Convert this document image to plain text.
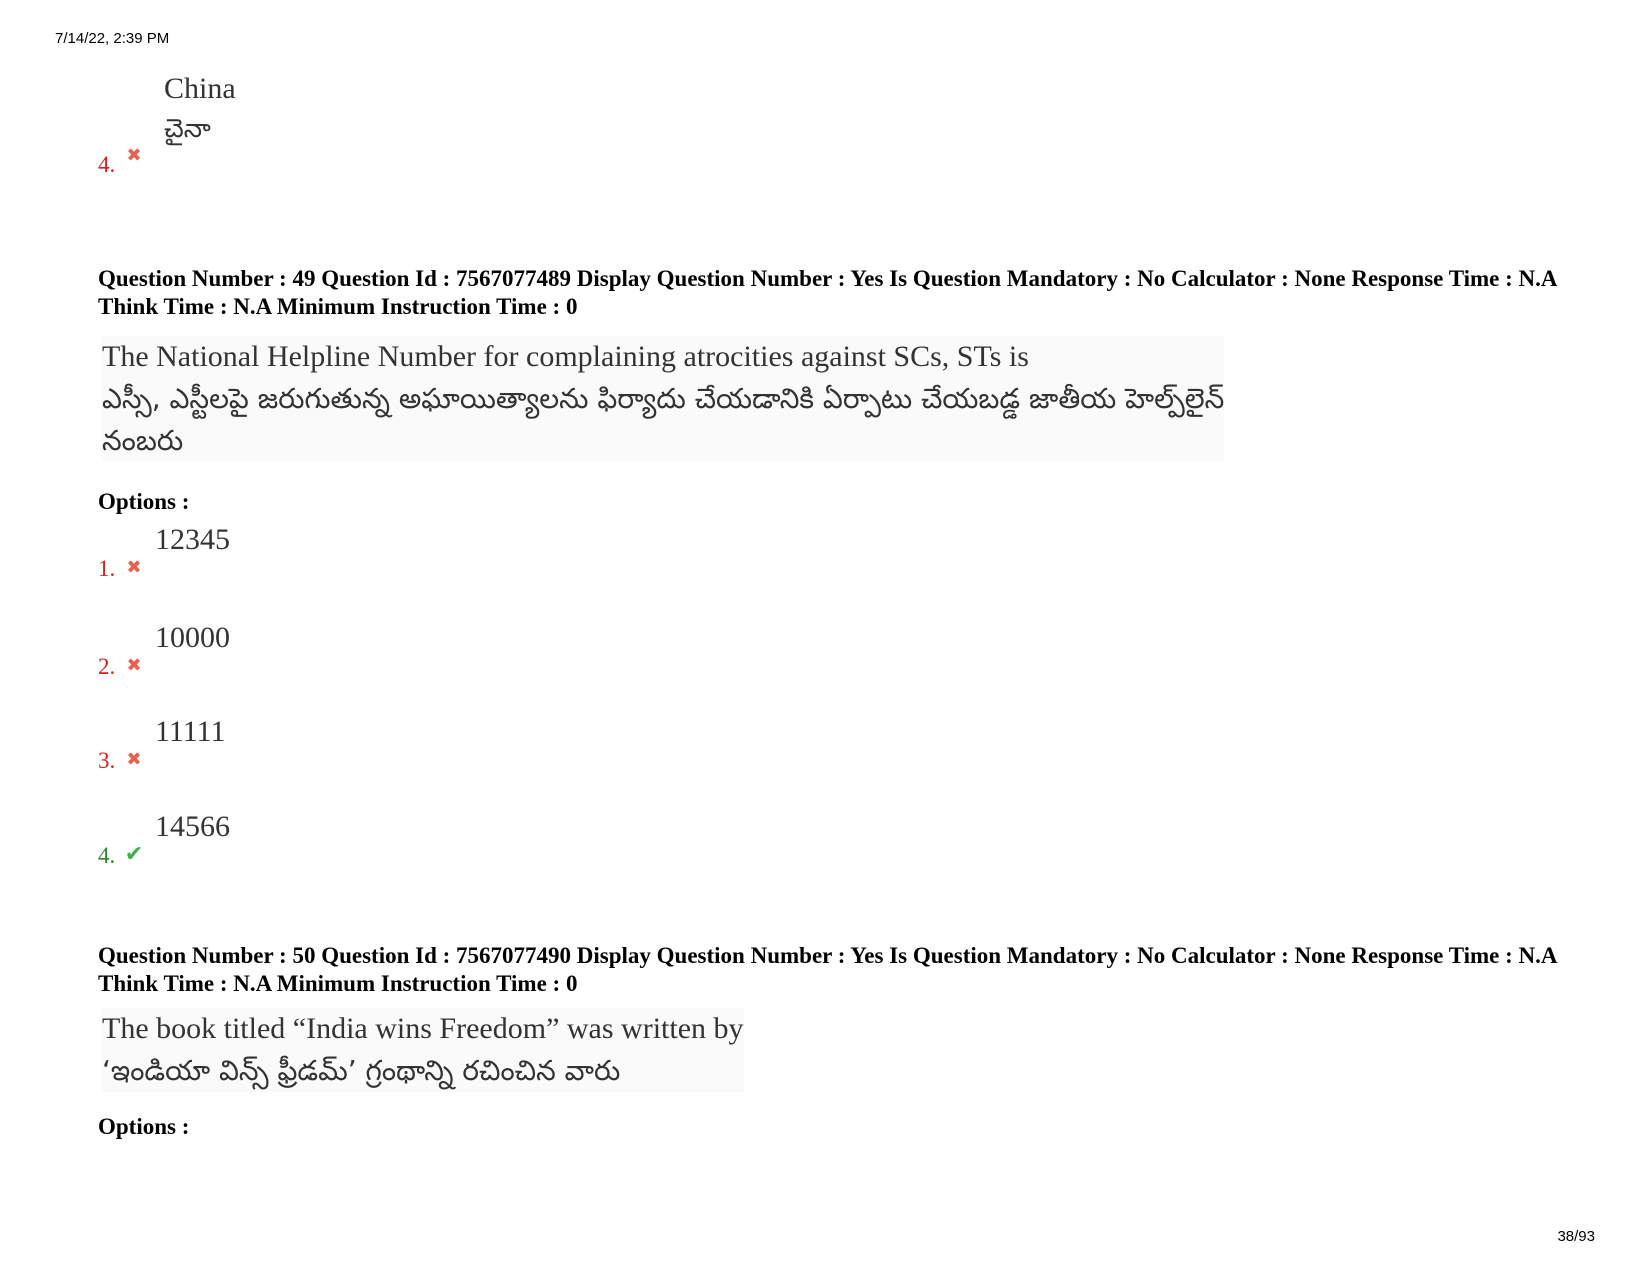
7/14/22, 2:39 PM
China
చైనా
4. ✖
Question Number : 49 Question Id : 7567077489 Display Question Number : Yes Is Question Mandatory : No Calculator : None Response Time : N.A Think Time : N.A Minimum Instruction Time : 0
The National Helpline Number for complaining atrocities against SCs, STs is
ఎస్సీ, ఎస్టీలపై జరుగుతున్న అఘాయిత్యాలను ఫిర్యాదు చేయడానికి ఏర్పాటు చేయబడ్డ జాతీయ హెల్ప్‌లైన్
నంబరు
Options :
12345
1. ✖
10000
2. ✖
11111
3. ✖
14566
4. ✔
Question Number : 50 Question Id : 7567077490 Display Question Number : Yes Is Question Mandatory : No Calculator : None Response Time : N.A Think Time : N.A Minimum Instruction Time : 0
The book titled “India wins Freedom” was written by
‘ఇండియా విన్స్ ఫ్రీడమ్’ గ్రంథాన్ని రచించిన వారు
Options :
38/93
